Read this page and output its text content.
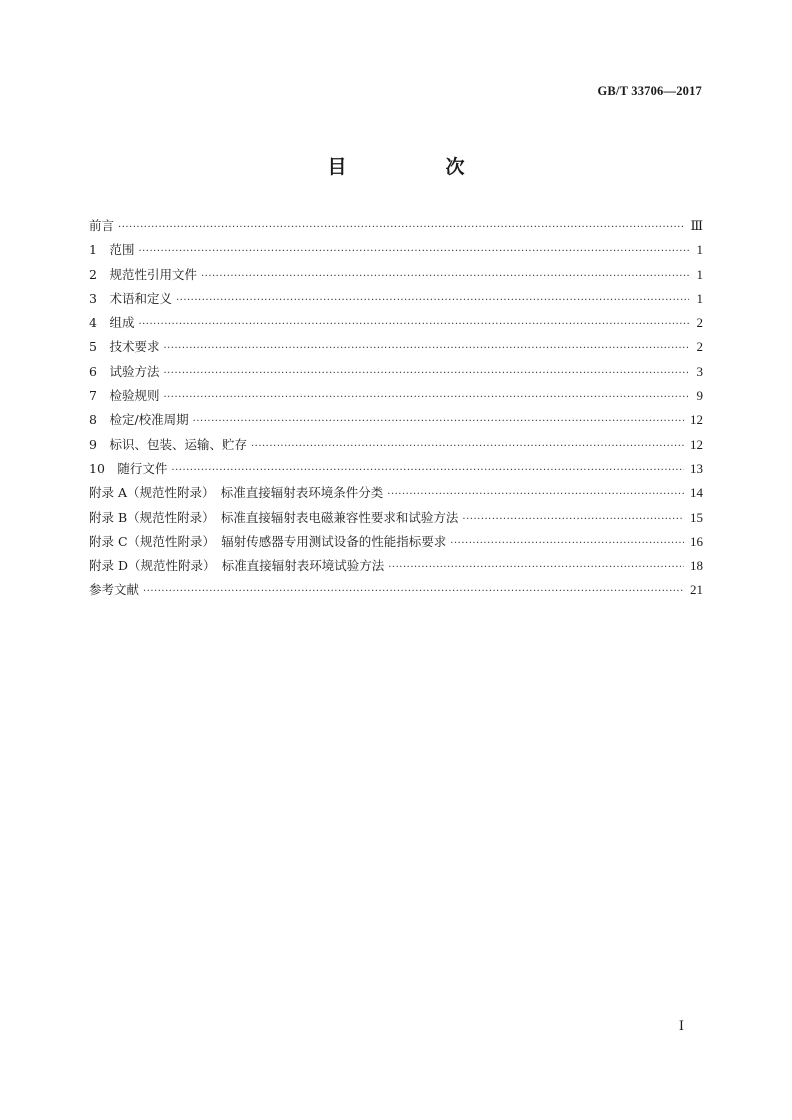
GB/T 33706—2017
目　次
前言 ·····	Ⅲ
1　范围 ·····	1
2　规范性引用文件 ·····	1
3　术语和定义 ·····	1
4　组成 ·····	2
5　技术要求 ·····	2
6　试验方法 ·····	3
7　检验规则 ·····	9
8　检定/校准周期 ·····	12
9　标识、包装、运输、贮存 ·····	12
10　随行文件 ·····	13
附录 A（规范性附录）　标准直接辐射表环境条件分类 ·····	14
附录 B（规范性附录）　标准直接辐射表电磁兼容性要求和试验方法 ·····	15
附录 C（规范性附录）　辐射传感器专用测试设备的性能指标要求 ·····	16
附录 D（规范性附录）　标准直接辐射表环境试验方法 ·····	18
参考文献 ·····	21
Ⅰ
